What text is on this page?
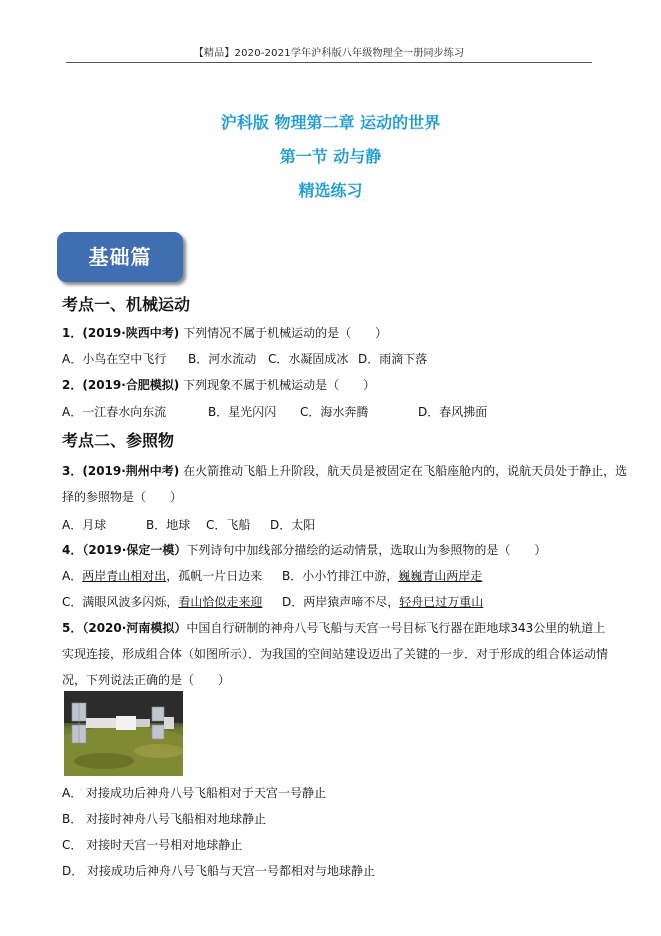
【精品】2020-2021学年沪科版八年级物理全一册同步练习
沪科版 物理第二章 运动的世界
第一节 动与静
精选练习
基础篇
考点一、机械运动
1．(2019·陕西中考) 下列情况不属于机械运动的是（　　）
A．小鸟在空中飞行 B．河水流动 C．水凝固成冰 D．雨滴下落
2．(2019·合肥模拟) 下列现象不属于机械运动是（　　）
A．一江春水向东流	B．星光闪闪 C．海水奔腾	D．春风拂面
考点二、参照物
3．(2019·荆州中考) 在火箭推动飞船上升阶段，航天员是被固定在飞船座舱内的，说航天员处于静止，选
择的参照物是（　　）
A．月球	B．地球 C．飞船 D．太阳
4．（2019·保定一模）下列诗句中加线部分描绘的运动情景，选取山为参照物的是（　　）
A．两岸青山相对出，孤帆一片日边来 B．小小竹排江中游，巍巍青山两岸走
C．满眼风波多闪烁，看山恰似走来迎 D．两岸猿声啼不尽，轻舟已过万重山
5．（2020·河南模拟）中国自行研制的神舟八号飞船与天宫一号目标飞行器在距地球343公里的轨道上
实现连接，形成组合体（如图所示）．为我国的空间站建设迈出了关键的一步．对于形成的组合体运动情
况，下列说法正确的是（　　）
A． 对接成功后神舟八号飞船相对于天宫一号静止
B． 对接时神舟八号飞船相对地球静止
C． 对接时天宫一号相对地球静止
D． 对接成功后神舟八号飞船与天宫一号都相对与地球静止
